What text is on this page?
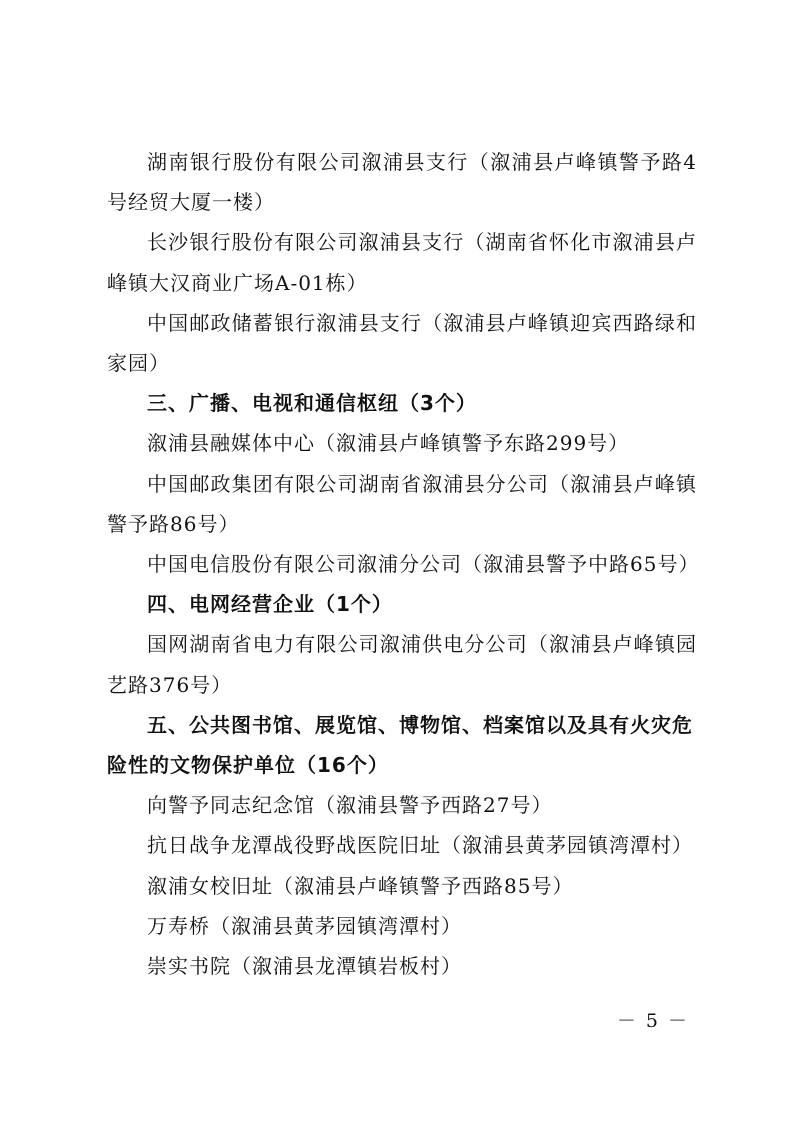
湖南银行股份有限公司溆浦县支行（溆浦县卢峰镇警予路4号经贸大厦一楼）

长沙银行股份有限公司溆浦县支行（湖南省怀化市溆浦县卢峰镇大汉商业广场A-01栋）

中国邮政储蓄银行溆浦县支行（溆浦县卢峰镇迎宾西路绿和家园）

三、广播、电视和通信枢纽（3个）

溆浦县融媒体中心（溆浦县卢峰镇警予东路299号）

中国邮政集团有限公司湖南省溆浦县分公司（溆浦县卢峰镇警予路86号）

中国电信股份有限公司溆浦分公司（溆浦县警予中路65号）

四、电网经营企业（1个）

国网湖南省电力有限公司溆浦供电分公司（溆浦县卢峰镇园艺路376号）

五、公共图书馆、展览馆、博物馆、档案馆以及具有火灾危险性的文物保护单位（16个）

向警予同志纪念馆（溆浦县警予西路27号）

抗日战争龙潭战役野战医院旧址（溆浦县黄茅园镇湾潭村）

溆浦女校旧址（溆浦县卢峰镇警予西路85号）

万寿桥（溆浦县黄茅园镇湾潭村）

崇实书院（溆浦县龙潭镇岩板村）

－ 5 －
